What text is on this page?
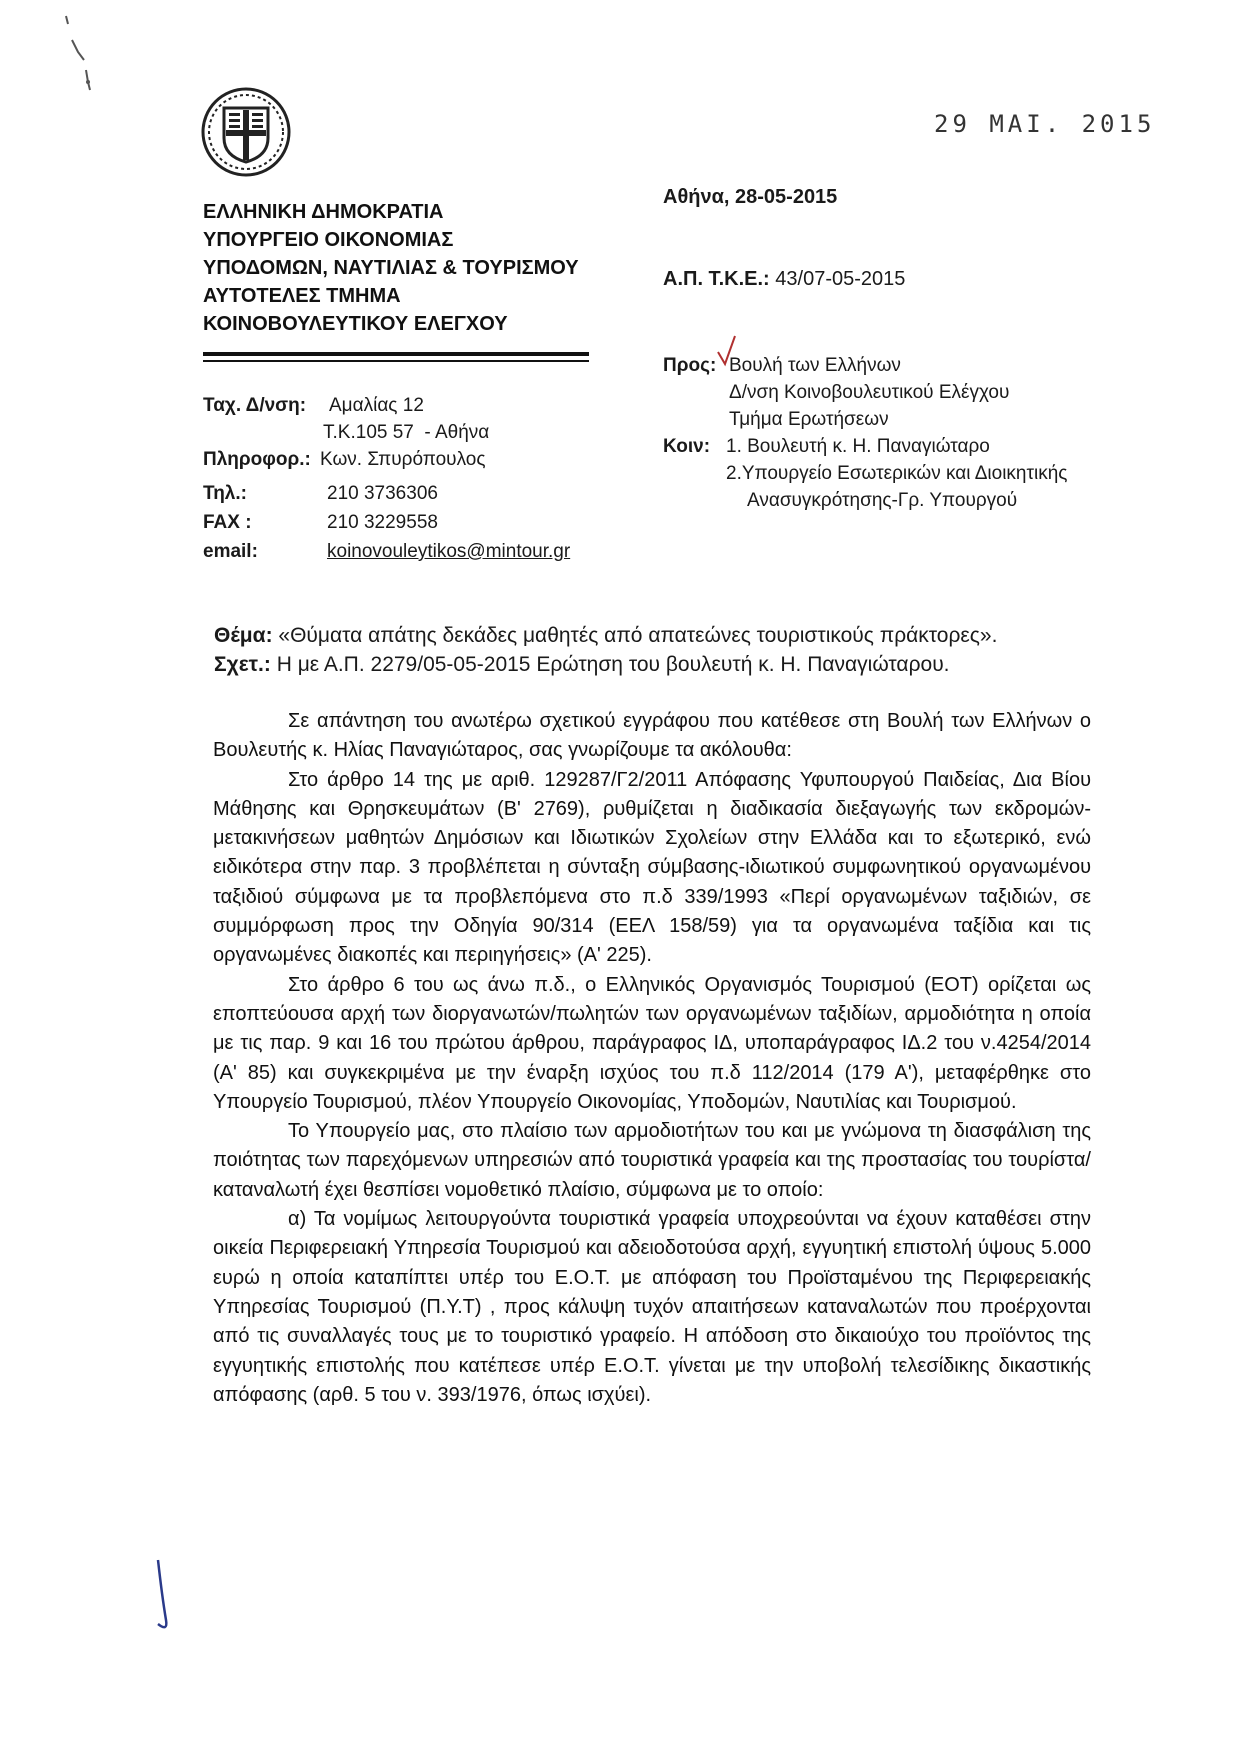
29 ΜΑΙ. 2015
ΕΛΛΗΝΙΚΗ ΔΗΜΟΚΡΑΤΙΑ
ΥΠΟΥΡΓΕΙΟ ΟΙΚΟΝΟΜΙΑΣ
ΥΠΟΔΟΜΩΝ, ΝΑΥΤΙΛΙΑΣ & ΤΟΥΡΙΣΜΟΥ
ΑΥΤΟΤΕΛΕΣ ΤΜΗΜΑ
ΚΟΙΝΟΒΟΥΛΕΥΤΙΚΟΥ ΕΛΕΓΧΟΥ
Ταχ. Δ/νση: Αμαλίας 12
Τ.Κ.105 57  - Αθήνα
Πληροφορ.: Κων. Σπυρόπουλος
Τηλ.:	210 3736306
FAX :	210 3229558
email:	koinovouleytikos@mintour.gr
Αθήνα, 28-05-2015
Α.Π. Τ.Κ.Ε.: 43/07-05-2015
Προς: Βουλή των Ελλήνων
Δ/νση Κοινοβουλευτικού Ελέγχου
Τμήμα Ερωτήσεων
Κοιν: 1. Βουλευτή κ. Η. Παναγιώταρο
2.Υπουργείο Εσωτερικών και Διοικητικής
Ανασυγκρότησης-Γρ. Υπουργού
Θέμα: «Θύματα απάτης δεκάδες μαθητές από απατεώνες τουριστικούς πράκτορες».
Σχετ.: Η με Α.Π. 2279/05-05-2015 Ερώτηση του βουλευτή κ. Η. Παναγιώταρου.

Σε απάντηση του ανωτέρω σχετικού εγγράφου που κατέθεσε στη Βουλή των Ελλήνων ο Βουλευτής κ. Ηλίας Παναγιώταρος, σας γνωρίζουμε τα ακόλουθα:

Στο άρθρο 14 της με αριθ. 129287/Γ2/2011 Απόφασης Υφυπουργού Παιδείας, Δια Βίου Μάθησης και Θρησκευμάτων (Β' 2769), ρυθμίζεται η διαδικασία διεξαγωγής των εκδρομών-μετακινήσεων μαθητών Δημόσιων και Ιδιωτικών Σχολείων στην Ελλάδα και το εξωτερικό, ενώ ειδικότερα στην παρ. 3 προβλέπεται η σύνταξη σύμβασης-ιδιωτικού συμφωνητικού οργανωμένου ταξιδιού σύμφωνα με τα προβλεπόμενα στο π.δ 339/1993 «Περί οργανωμένων ταξιδιών, σε συμμόρφωση προς την Οδηγία 90/314 (ΕΕΛ 158/59) για τα οργανωμένα ταξίδια και τις οργανωμένες διακοπές και περιηγήσεις» (Α' 225).

Στο άρθρο 6 του ως άνω π.δ., ο Ελληνικός Οργανισμός Τουρισμού (ΕΟΤ) ορίζεται ως εποπτεύουσα αρχή των διοργανωτών/πωλητών των οργανωμένων ταξιδίων, αρμοδιότητα η οποία με τις παρ. 9 και 16 του πρώτου άρθρου, παράγραφος ΙΔ, υποπαράγραφος ΙΔ.2 του ν.4254/2014 (Α' 85) και συγκεκριμένα με την έναρξη ισχύος του π.δ 112/2014 (179 Α'), μεταφέρθηκε στο Υπουργείο Τουρισμού, πλέον Υπουργείο Οικονομίας, Υποδομών, Ναυτιλίας και Τουρισμού.

Το Υπουργείο μας, στο πλαίσιο των αρμοδιοτήτων του και με γνώμονα τη διασφάλιση της ποιότητας των παρεχόμενων υπηρεσιών από τουριστικά γραφεία και της προστασίας του τουρίστα/καταναλωτή έχει θεσπίσει νομοθετικό πλαίσιο, σύμφωνα με το οποίο:

α) Τα νομίμως λειτουργούντα τουριστικά γραφεία υποχρεούνται να έχουν καταθέσει στην οικεία Περιφερειακή Υπηρεσία Τουρισμού και αδειοδοτούσα αρχή, εγγυητική επιστολή ύψους 5.000 ευρώ η οποία καταπίπτει υπέρ του Ε.Ο.Τ. με απόφαση του Προϊσταμένου της Περιφερειακής Υπηρεσίας Τουρισμού (Π.Υ.Τ) , προς κάλυψη τυχόν απαιτήσεων καταναλωτών που προέρχονται από τις συναλλαγές τους με το τουριστικό γραφείο. Η απόδοση στο δικαιούχο του προϊόντος της εγγυητικής επιστολής που κατέπεσε υπέρ Ε.Ο.Τ. γίνεται με την υποβολή τελεσίδικης δικαστικής απόφασης (αρθ. 5 του ν. 393/1976, όπως ισχύει).
